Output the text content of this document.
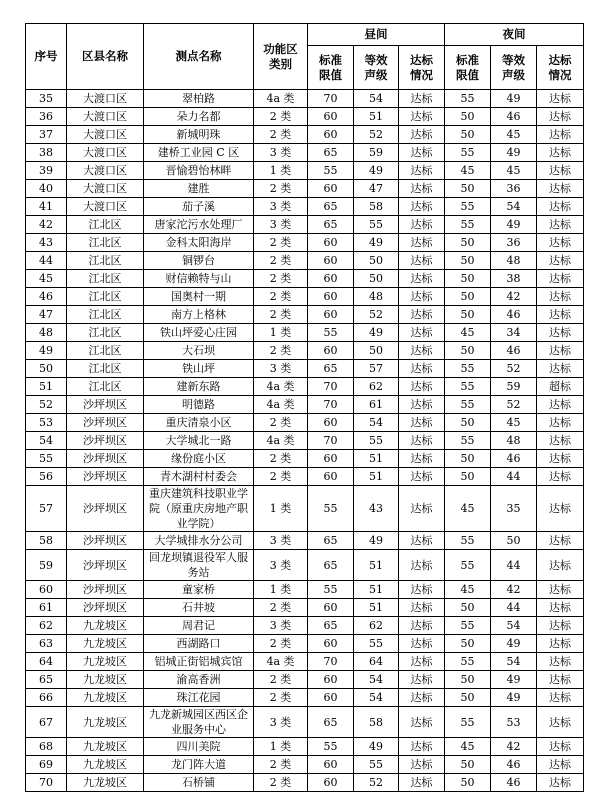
序号	区县名称	测点名称	功能区类别	昼间			夜间		
				标准限值	等效声级	达标情况	标准限值	等效声级	达标情况
35	大渡口区	翠柏路	4a 类	70	54	达标	55	49	达标
36	大渡口区	朵力名都	2 类	60	51	达标	50	46	达标
37	大渡口区	新城明珠	2 类	60	52	达标	50	45	达标
38	大渡口区	建桥工业园 C 区	3 类	65	59	达标	55	49	达标
39	大渡口区	晋愉碧怡林畔	1 类	55	49	达标	45	45	达标
40	大渡口区	建胜	2 类	60	47	达标	50	36	达标
41	大渡口区	茄子溪	3 类	65	58	达标	55	54	达标
42	江北区	唐家沱污水处理厂	3 类	65	55	达标	55	49	达标
43	江北区	金科太阳海岸	2 类	60	49	达标	50	36	达标
44	江北区	铜锣台	2 类	60	50	达标	50	48	达标
45	江北区	财信赖特与山	2 类	60	50	达标	50	38	达标
46	江北区	国奥村一期	2 类	60	48	达标	50	42	达标
47	江北区	南方上格林	2 类	60	52	达标	50	46	达标
48	江北区	铁山坪爱心庄园	1 类	55	49	达标	45	34	达标
49	江北区	大石坝	2 类	60	50	达标	50	46	达标
50	江北区	铁山坪	3 类	65	57	达标	55	52	达标
51	江北区	建新东路	4a 类	70	62	达标	55	59	超标
52	沙坪坝区	明德路	4a 类	70	61	达标	55	52	达标
53	沙坪坝区	重庆清泉小区	2 类	60	54	达标	50	45	达标
54	沙坪坝区	大学城北一路	4a 类	70	55	达标	55	48	达标
55	沙坪坝区	缘份庭小区	2 类	60	51	达标	50	46	达标
56	沙坪坝区	青木湖村村委会	2 类	60	51	达标	50	44	达标
57	沙坪坝区	重庆建筑科技职业学院（原重庆房地产职业学院）	1 类	55	43	达标	45	35	达标
58	沙坪坝区	大学城排水分公司	3 类	65	49	达标	55	50	达标
59	沙坪坝区	回龙坝镇退役军人服务站	3 类	65	51	达标	55	44	达标
60	沙坪坝区	童家桥	1 类	55	51	达标	45	42	达标
61	沙坪坝区	石井坡	2 类	60	51	达标	50	44	达标
62	九龙坡区	周君记	3 类	65	62	达标	55	54	达标
63	九龙坡区	西湖路口	2 类	60	55	达标	50	49	达标
64	九龙坡区	铝城正街铝城宾馆	4a 类	70	64	达标	55	54	达标
65	九龙坡区	渝高香洲	2 类	60	54	达标	50	49	达标
66	九龙坡区	珠江花园	2 类	60	54	达标	50	49	达标
67	九龙坡区	九龙新城园区西区企业服务中心	3 类	65	58	达标	55	53	达标
68	九龙坡区	四川美院	1 类	55	49	达标	45	42	达标
69	九龙坡区	龙门阵大道	2 类	60	55	达标	50	46	达标
70	九龙坡区	石桥铺	2 类	60	52	达标	50	46	达标
